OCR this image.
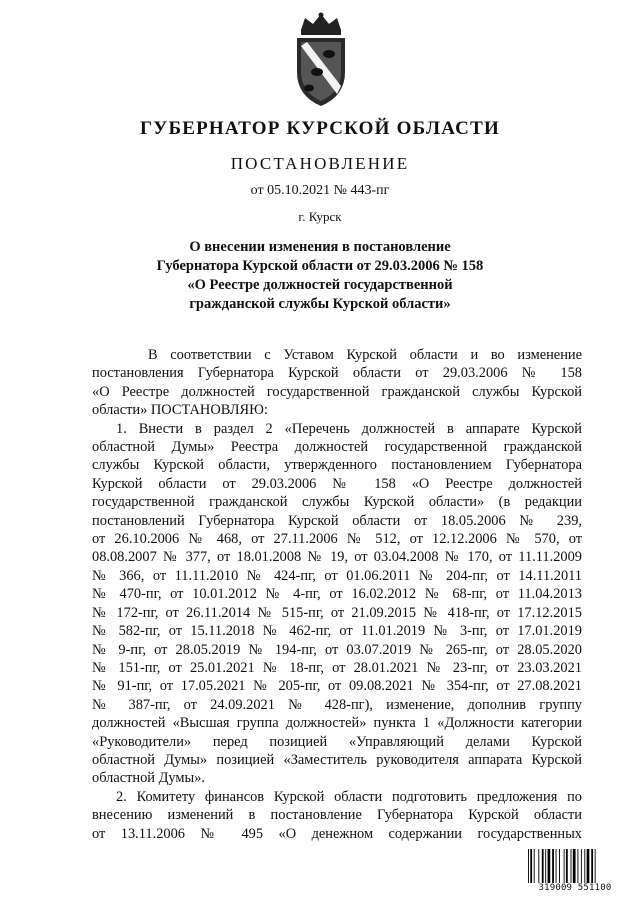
ГУБЕРНАТОР КУРСКОЙ ОБЛАСТИ
ПОСТАНОВЛЕНИЕ
от 05.10.2021 № 443-пг
г. Курск
О внесении изменения в постановление
Губернатора Курской области от 29.03.2006 № 158
«О Реестре должностей государственной
гражданской службы Курской области»
В соответствии с Уставом Курской области и во изменение
постановления Губернатора Курской области от 29.03.2006 № 158
«О Реестре должностей государственной гражданской службы Курской
области» ПОСТАНОВЛЯЮ:
1. Внести в раздел 2 «Перечень должностей в аппарате Курской
областной Думы» Реестра должностей государственной гражданской
службы Курской области, утвержденного постановлением Губернатора
Курской области от 29.03.2006 № 158 «О Реестре должностей
государственной гражданской службы Курской области» (в редакции
постановлений Губернатора Курской области от 18.05.2006 № 239,
от 26.10.2006 № 468, от 27.11.2006 № 512, от 12.12.2006 № 570, от
08.08.2007 № 377, от 18.01.2008 № 19, от 03.04.2008 № 170, от 11.11.2009
№ 366, от 11.11.2010 № 424-пг, от 01.06.2011 № 204-пг, от 14.11.2011
№ 470-пг, от 10.01.2012 № 4-пг, от 16.02.2012 № 68-пг, от 11.04.2013
№ 172-пг, от 26.11.2014 № 515-пг, от 21.09.2015 № 418-пг, от 17.12.2015
№ 582-пг, от 15.11.2018 № 462-пг, от 11.01.2019 № 3-пг, от 17.01.2019
№ 9-пг, от 28.05.2019 № 194-пг, от 03.07.2019 № 265-пг, от 28.05.2020
№ 151-пг, от 25.01.2021 № 18-пг, от 28.01.2021 № 23-пг, от 23.03.2021
№ 91-пг, от 17.05.2021 № 205-пг, от 09.08.2021 № 354-пг, от 27.08.2021
№ 387-пг, от 24.09.2021 № 428-пг), изменение, дополнив группу
должностей «Высшая группа должностей» пункта 1 «Должности категории
«Руководители» перед позицией «Управляющий делами Курской
областной Думы» позицией «Заместитель руководителя аппарата Курской
областной Думы».
2. Комитету финансов Курской области подготовить предложения по
внесению изменений в постановление Губернатора Курской области
от 13.11.2006 № 495 «О денежном содержании государственных
319009 551100
